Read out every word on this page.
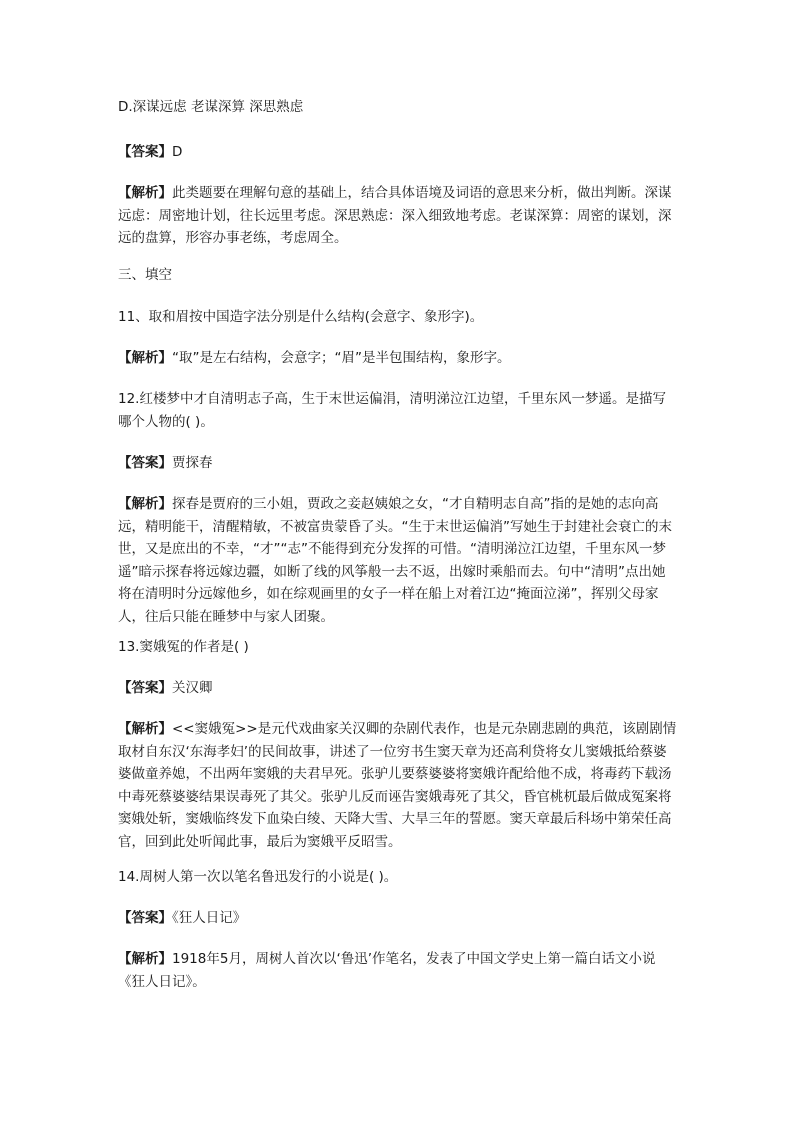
D.深谋远虑 老谋深算 深思熟虑

【答案】D

【解析】此类题要在理解句意的基础上，结合具体语境及词语的意思来分析，做出判断。深谋远虑：周密地计划，往长远里考虑。深思熟虑：深入细致地考虑。老谋深算：周密的谋划，深远的盘算，形容办事老练，考虑周全。

三、填空

11、取和眉按中国造字法分别是什么结构(会意字、象形字)。

【解析】“取”是左右结构，会意字；“眉”是半包围结构，象形字。

12.红楼梦中才自清明志子高，生于末世运偏涓，清明涕泣江边望，千里东风一梦遥。是描写哪个人物的( )。

【答案】贾探春

【解析】探春是贾府的三小姐，贾政之妾赵姨娘之女，“才自精明志自高”指的是她的志向高远，精明能干，清醒精敏，不被富贵蒙昏了头。“生于末世运偏消”写她生于封建社会衰亡的末世，又是庶出的不幸，“才”“志”不能得到充分发挥的可惜。“清明涕泣江边望，千里东风一梦遥”暗示探春将远嫁边疆，如断了线的风筝般一去不返，出嫁时乘船而去。句中“清明”点出她将在清明时分远嫁他乡，如在综观画里的女子一样在船上对着江边“掩面泣涕”，挥别父母家人，往后只能在睡梦中与家人团聚。

13.窦娥冤的作者是( )

【答案】关汉卿

【解析】<<窦娥冤>>是元代戏曲家关汉卿的杂剧代表作，也是元杂剧悲剧的典范，该剧剧情取材自东汉‘东海孝妇’的民间故事，讲述了一位穷书生窦天章为还高利贷将女儿窦娥抵给蔡婆婆做童养媳，不出两年窦娥的夫君早死。张驴儿要蔡婆婆将窦娥许配给他不成，将毒药下载汤中毒死蔡婆婆结果误毒死了其父。张驴儿反而诬告窦娥毒死了其父，昏官桃杌最后做成冤案将窦娥处斩，窦娥临终发下血染白绫、天降大雪、大旱三年的誓愿。窦天章最后科场中第荣任高官，回到此处听闻此事，最后为窦娥平反昭雪。

14.周树人第一次以笔名鲁迅发行的小说是( )。

【答案】《狂人日记》

【解析】1918年5月，周树人首次以‘鲁迅’作笔名，发表了中国文学史上第一篇白话文小说《狂人日记》。
